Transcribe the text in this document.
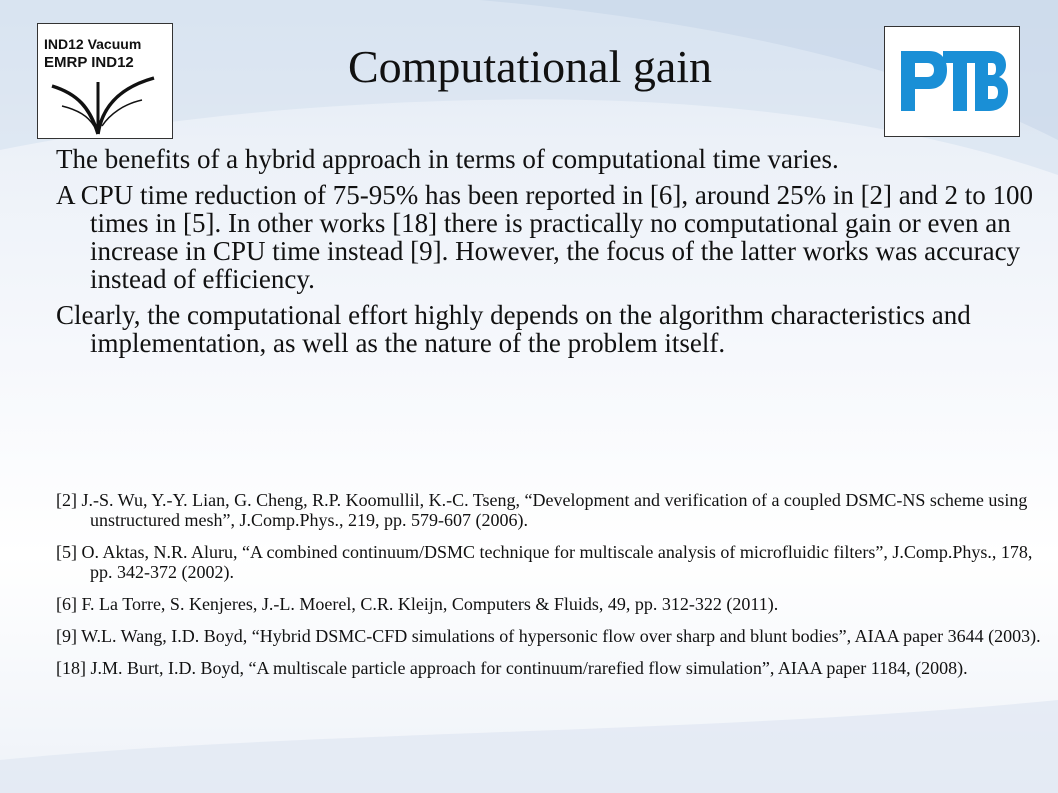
IND12 Vacuum
EMRP IND12	Computational gain

The benefits of a hybrid approach in terms of computational time varies.

A CPU time reduction of 75-95% has been reported in [6], around 25% in [2] and 2 to 100 times in [5]. In other works [18] there is practically no computational gain or even an increase in CPU time instead [9]. However, the focus of the latter works was accuracy instead of efficiency.

Clearly, the computational effort highly depends on the algorithm characteristics and implementation, as well as the nature of the problem itself.

[2] J.-S. Wu, Y.-Y. Lian, G. Cheng, R.P. Koomullil, K.-C. Tseng, “Development and verification of a coupled DSMC-NS scheme using unstructured mesh”, J.Comp.Phys., 219, pp. 579-607 (2006).

[5] O. Aktas, N.R. Aluru, “A combined continuum/DSMC technique for multiscale analysis of microfluidic filters”, J.Comp.Phys., 178, pp. 342-372 (2002).

[6] F. La Torre, S. Kenjeres, J.-L. Moerel, C.R. Kleijn, Computers & Fluids, 49, pp. 312-322 (2011).

[9] W.L. Wang, I.D. Boyd, “Hybrid DSMC-CFD simulations of hypersonic flow over sharp and blunt bodies”, AIAA paper 3644 (2003).

[18] J.M. Burt, I.D. Boyd, “A multiscale particle approach for continuum/rarefied flow simulation”, AIAA paper 1184, (2008).
